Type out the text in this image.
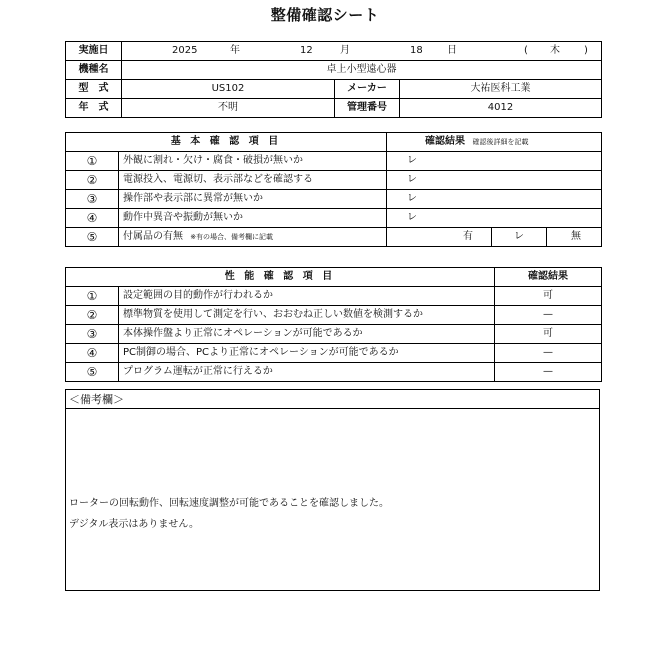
整備確認シート
実施日	2025 年 12 月 18 日 ( 木 )		
機種名	卓上小型遠心器		
型　式	US102	メーカー	大祐医科工業
年　式	不明	管理番号	4012
基 本 確 認 項 目		確認結果 確認後詳細を記載		
①	外観に割れ・欠け・腐食・破損が無いか	レ		
②	電源投入、電源切、表示部などを確認する	レ		
③	操作部や表示部に異常が無いか	レ		
④	動作中異音や振動が無いか	レ		
⑤	付属品の有無 ※有の場合、備考欄に記載	有	レ	無
性 能 確 認 項 目		確認結果
①	設定範囲の目的動作が行われるか	可
②	標準物質を使用して測定を行い、おおむね正しい数値を検測するか	—
③	本体操作盤より正常にオペレーションが可能であるか	可
④	PC制御の場合、PCより正常にオペレーションが可能であるか	—
⑤	プログラム運転が正常に行えるか	—
＜備考欄＞
ローターの回転動作、回転速度調整が可能であることを確認しました。
デジタル表示はありません。
